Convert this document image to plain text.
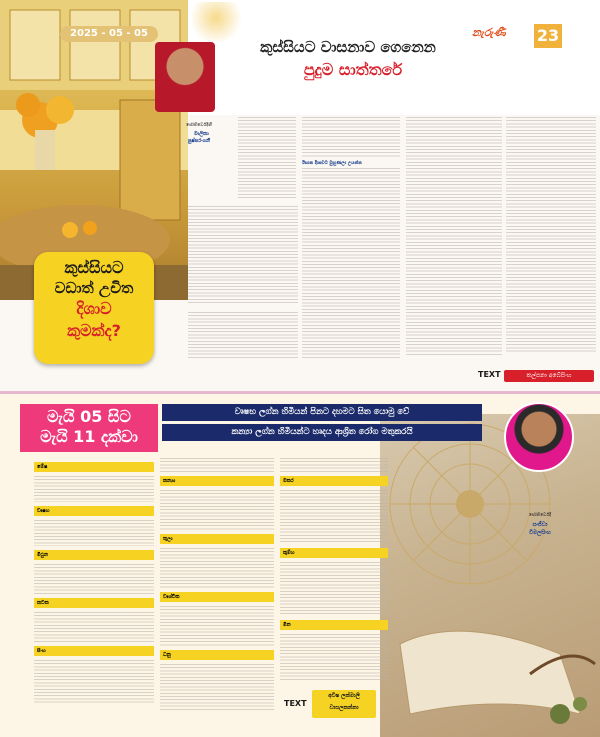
2025 - 05 - 05
කුස්සියට වාසනාව ගෙනෙන
පුදුම සාත්තරේ
නැරුණී	23
ජෝතිර්වේදිනී
මාලිකා
පුෂ්පරංගනී
ඊසාන දිශාවට මුහුණලා උයන්න
කුස්සියට
වඩාත් උචිත
දිශාව
කුමක්ද?
TEXT	කල්පනා අබේසිංහ
මැයි 05 සිට
මැයි 11 දක්වා
වෘෂභ ලග්න හිමියන් පිනට දහමට සිත යොමු වේ
කන්‍යා ලග්න හිමියන්ට හෘදය ආශ්‍රිත රෝග මතුකරයි
ජෝතිර්වේදී
සංජීවා
විමලසිංහ
මේෂ
වෘෂභ
මිථුන
කටක
සිංහ
කන්‍යා
තුලා
වෘශ්චික
ධනු
මකර
කුම්භ
මීන
TEXT
අවිෂ ලක්මාලි
වාසලකන්නා
